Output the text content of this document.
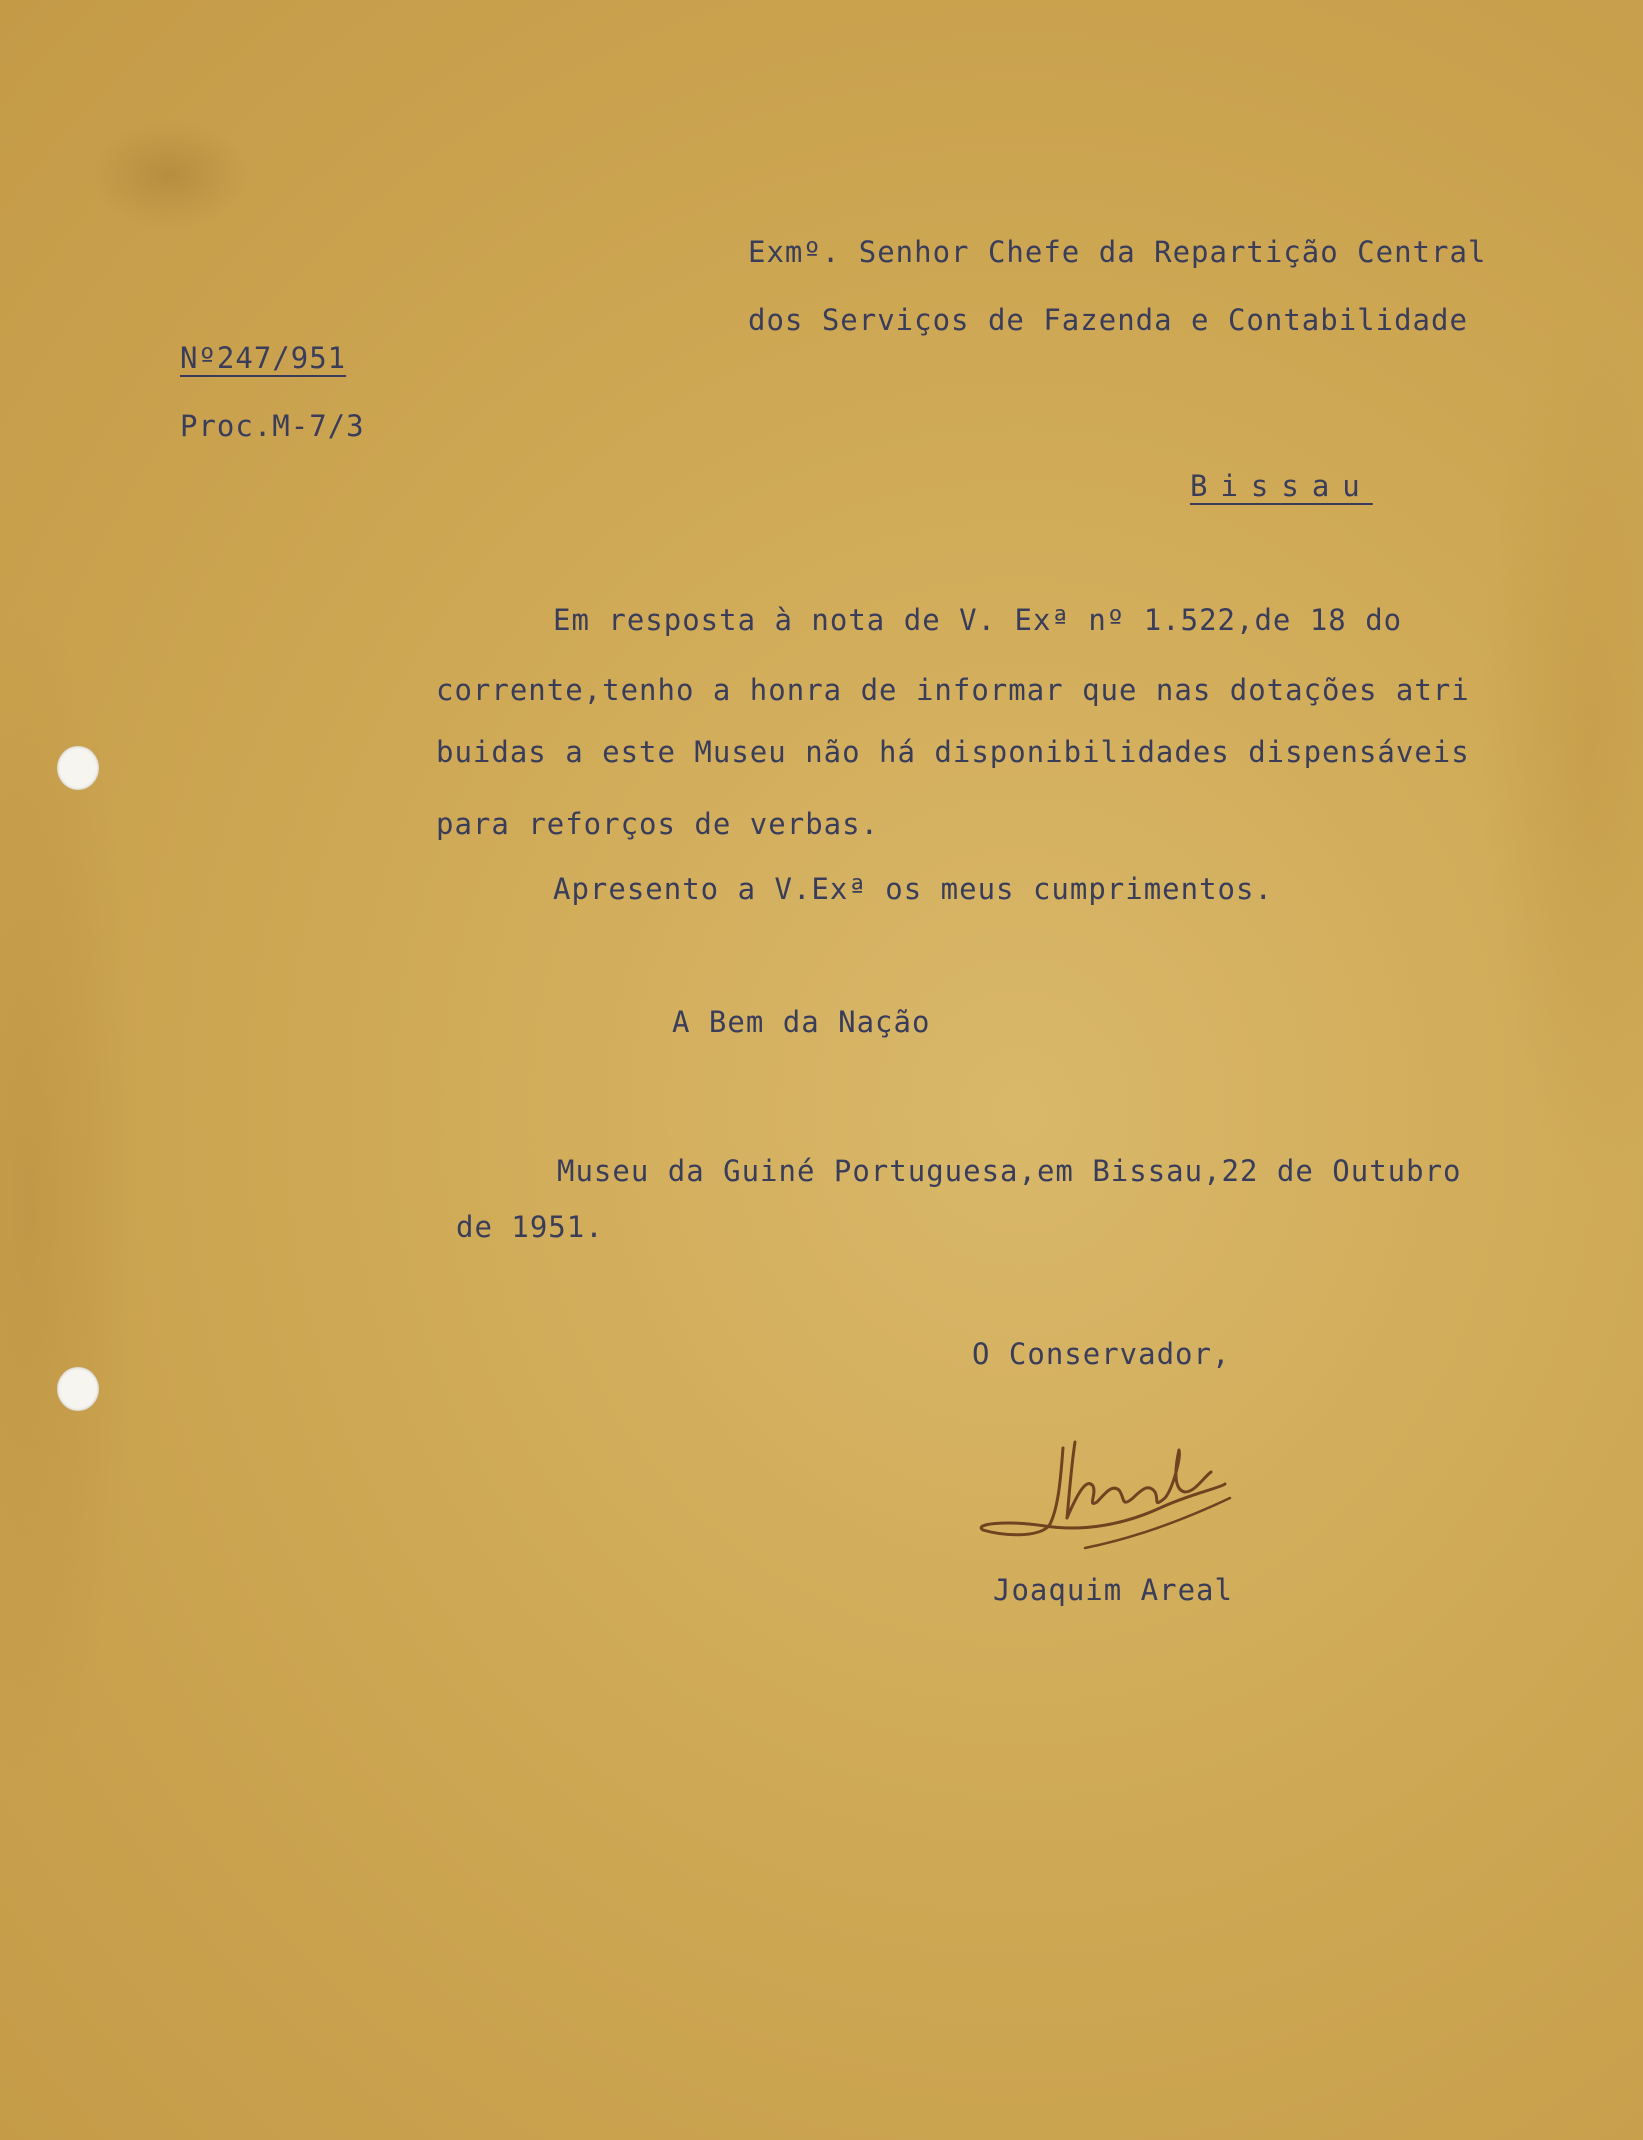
Exmº. Senhor Chefe da Repartição Central
dos Serviços de Fazenda e Contabilidade
Bissau
Nº247/951
Proc.M-7/3
Em resposta à nota de V. Exª nº 1.522,de 18 do
corrente,tenho a honra de informar que nas dotações atri
buidas a este Museu não há disponibilidades dispensáveis
para reforços de verbas.
Apresento a V.Exª os meus cumprimentos.
A Bem da Nação
Museu da Guiné Portuguesa,em Bissau,22 de Outubro
de 1951.
O Conservador,
Joaquim Areal
